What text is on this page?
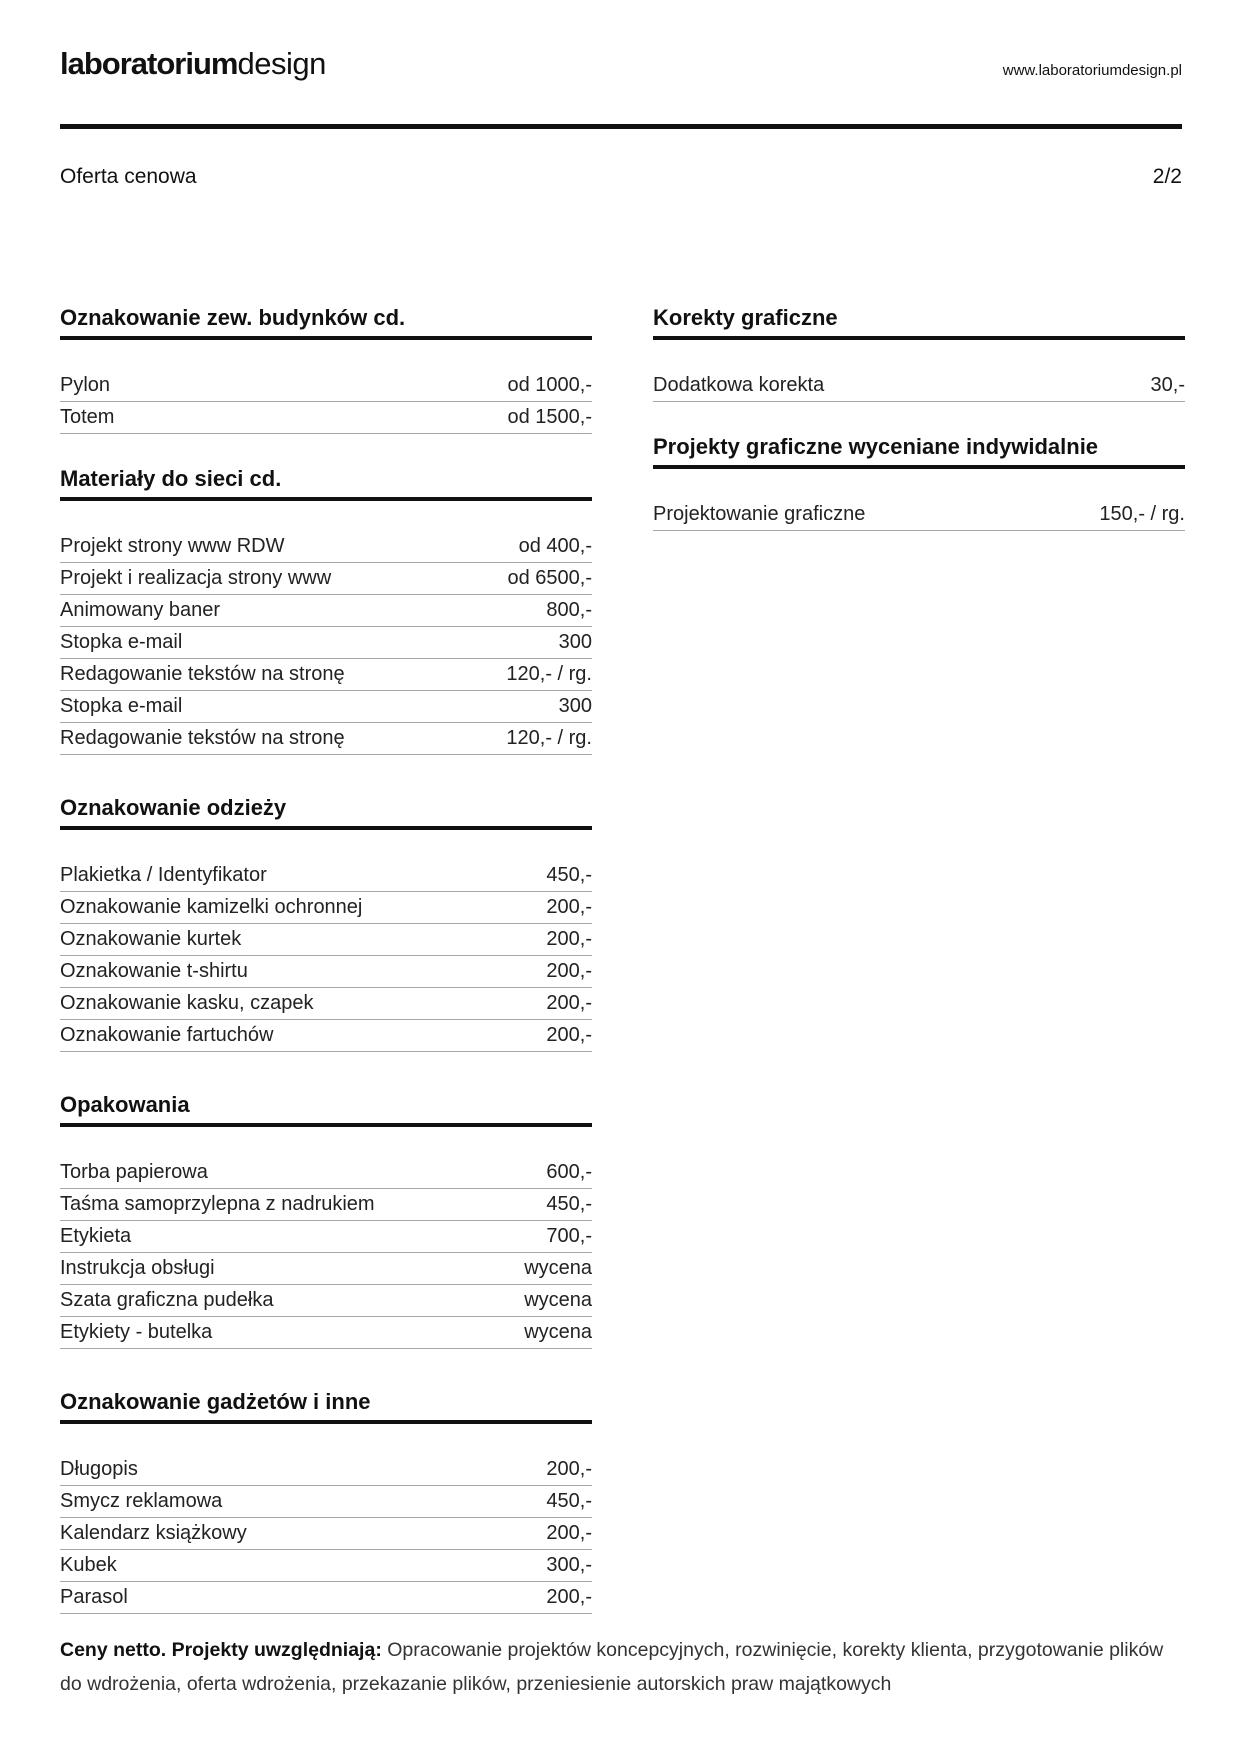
laboratoriumdesign	www.laboratoriumdesign.pl
Oferta cenowa	2/2
Oznakowanie zew. budynków cd.
Pylon	od 1000,-
Totem	od 1500,-
Materiały do sieci cd.
Projekt strony www RDW	od 400,-
Projekt i realizacja strony www	od 6500,-
Animowany baner	800,-
Stopka e-mail	300
Redagowanie tekstów na stronę	120,- / rg.
Stopka e-mail	300
Redagowanie tekstów na stronę	120,- / rg.
Oznakowanie odzieży
Plakietka / Identyfikator	450,-
Oznakowanie kamizelki ochronnej	200,-
Oznakowanie kurtek	200,-
Oznakowanie t-shirtu	200,-
Oznakowanie kasku, czapek	200,-
Oznakowanie fartuchów	200,-
Opakowania
Torba papierowa	600,-
Taśma samoprzylepna z nadrukiem	450,-
Etykieta	700,-
Instrukcja obsługi	wycena
Szata graficzna pudełka	wycena
Etykiety - butelka	wycena
Oznakowanie gadżetów i inne
Długopis	200,-
Smycz reklamowa	450,-
Kalendarz książkowy	200,-
Kubek	300,-
Parasol	200,-
Korekty graficzne
Dodatkowa korekta	30,-
Projekty graficzne wyceniane indywidalnie
Projektowanie graficzne	150,- / rg.
Ceny netto. Projekty uwzględniają: Opracowanie projektów koncepcyjnych, rozwinięcie, korekty klienta, przygotowanie plików do wdrożenia, oferta wdrożenia, przekazanie plików, przeniesienie autorskich praw majątkowych
